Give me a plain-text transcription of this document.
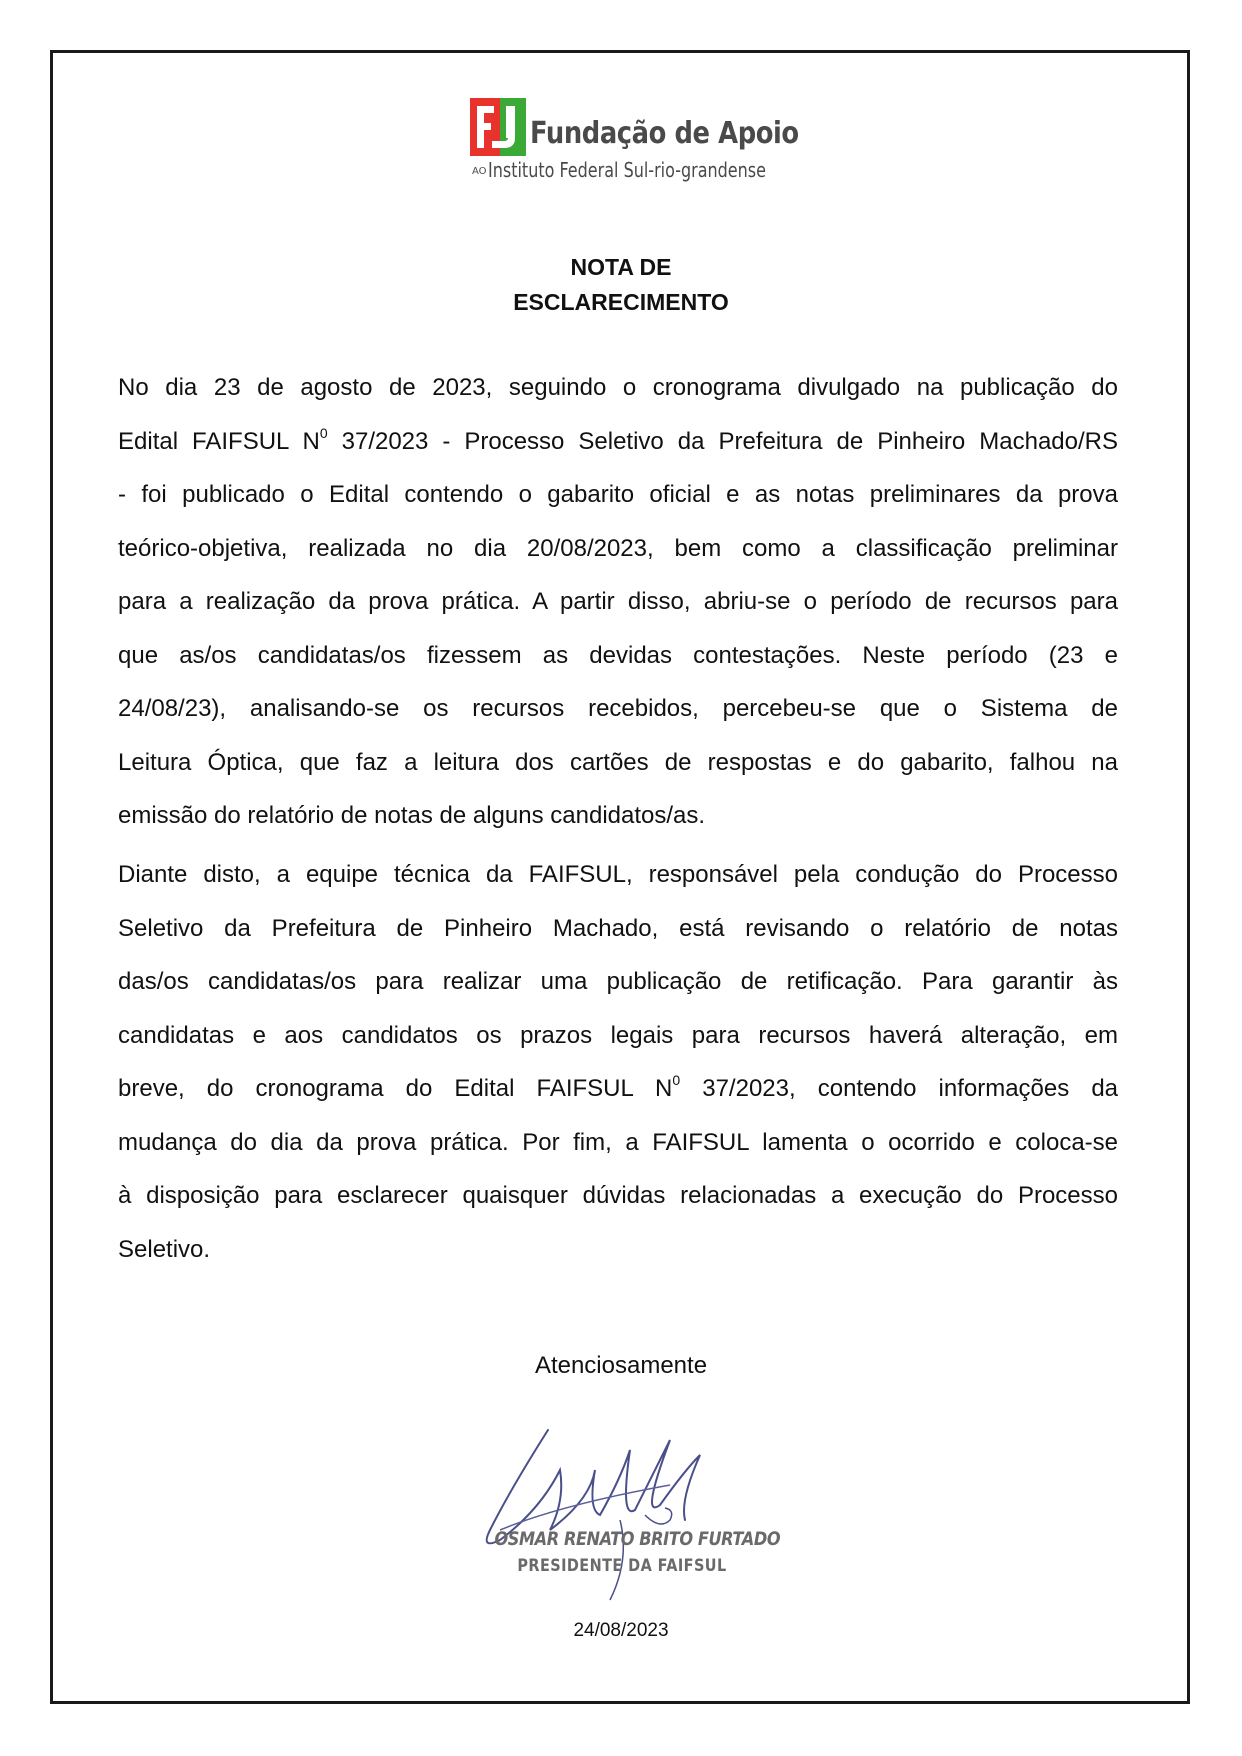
Fundação de Apoio
AO Instituto Federal Sul-rio-grandense
NOTA DE
ESCLARECIMENTO
No dia 23 de agosto de 2023, seguindo o cronograma divulgado na publicação do
Edital FAIFSUL $N^0$ 37/2023 - Processo Seletivo da Prefeitura de Pinheiro Machado/RS
- foi publicado o Edital contendo o gabarito oficial e as notas preliminares da prova
teórico-objetiva, realizada no dia 20/08/2023, bem como a classificação preliminar
para a realização da prova prática. A partir disso, abriu-se o período de recursos para
que as/os candidatas/os fizessem as devidas contestações. Neste período (23 e
24/08/23), analisando-se os recursos recebidos, percebeu-se que o Sistema de
Leitura Óptica, que faz a leitura dos cartões de respostas e do gabarito, falhou na
emissão do relatório de notas de alguns candidatos/as.
Diante disto, a equipe técnica da FAIFSUL, responsável pela condução do Processo
Seletivo da Prefeitura de Pinheiro Machado, está revisando o relatório de notas
das/os candidatas/os para realizar uma publicação de retificação. Para garantir às
candidatas e aos candidatos os prazos legais para recursos haverá alteração, em
breve, do cronograma do Edital FAIFSUL $N^0$ 37/2023, contendo informações da
mudança do dia da prova prática. Por fim, a FAIFSUL lamenta o ocorrido e coloca-se
à disposição para esclarecer quaisquer dúvidas relacionadas a execução do Processo
Seletivo.
Atenciosamente
OSMAR RENATO BRITO FURTADO
PRESIDENTE DA FAIFSUL
24/08/2023
